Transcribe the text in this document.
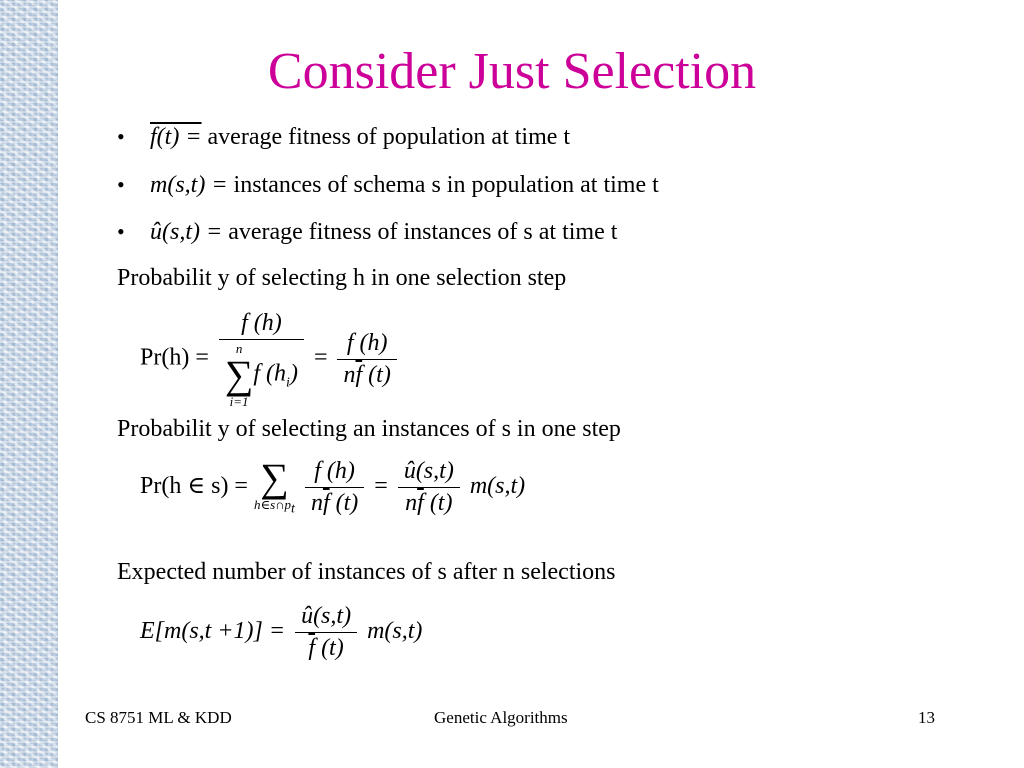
Consider Just Selection
• f(t) = average fitness of population at time t
• m(s,t) = instances of schema s in population at time t
• û(s,t) = average fitness of instances of s at time t
Probabilit y of selecting h in one selection step
Pr(h) = f (h)
n
∑
i=1
f $(h_i) = \frac{f (h)}{n\overline{f} (t)}$
Probabilit y of selecting an instances of s in one step
Pr(h ∈ s) = ∑
$h\in s\cap p_t$
$\frac{f (h)}{n\overline{f} (t)} = \frac{û(s,t)}{n\overline{f} (t)} m(s,t)$
Expected number of instances of s after n selections
$E[m(s,t +1)] = \frac{û(s,t)}{\overline{f} (t)} m(s,t)$
CS 8751 ML & KDD	Genetic Algorithms	13
